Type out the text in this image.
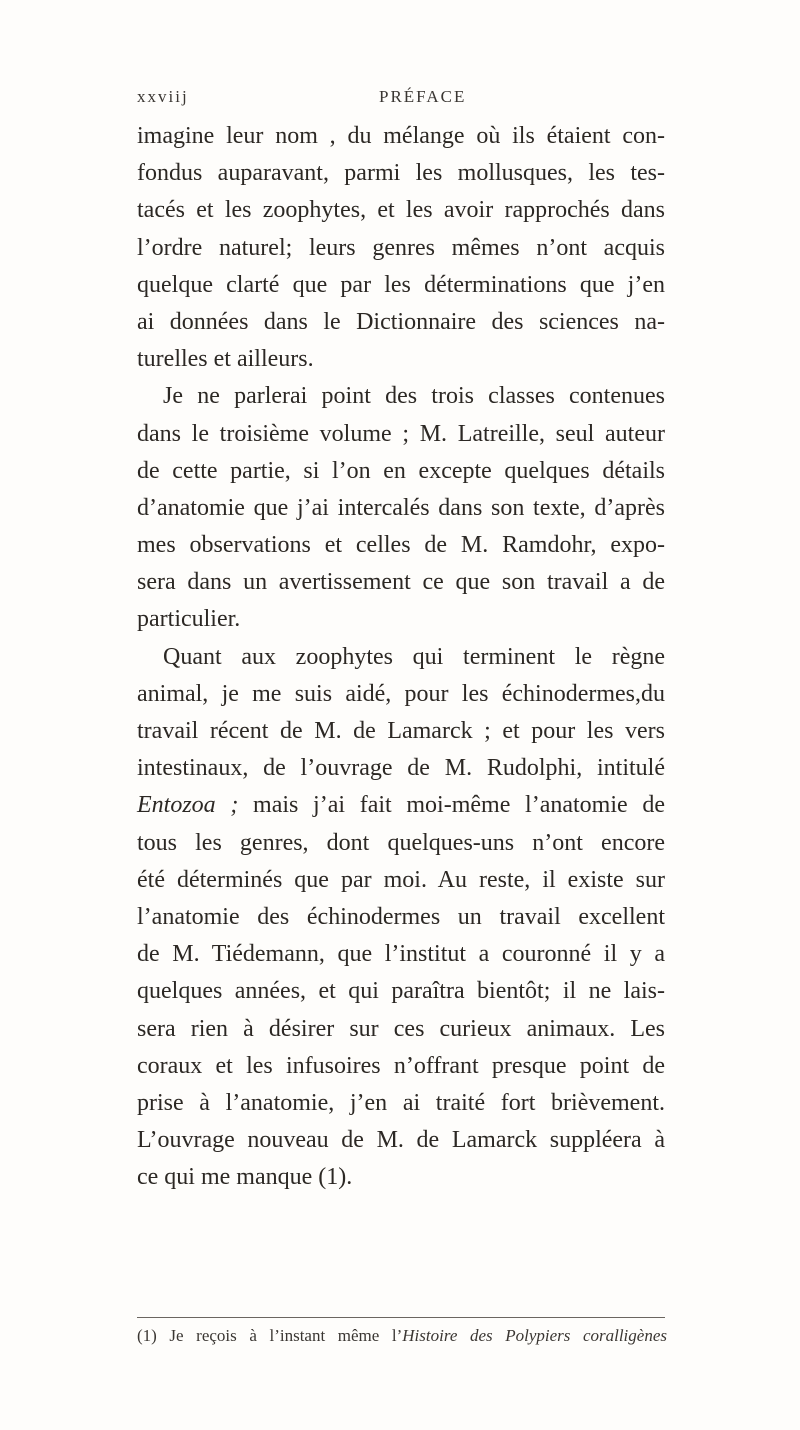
xxviij	PRÉFACE
imagine leur nom , du mélange où ils étaient con-
fondus auparavant, parmi les mollusques, les tes-
tacés et les zoophytes, et les avoir rapprochés dans
l’ordre naturel; leurs genres mêmes n’ont acquis
quelque clarté que par les déterminations que j’en
ai données dans le Dictionnaire des sciences na-
turelles et ailleurs.
Je ne parlerai point des trois classes contenues
dans le troisième volume ; M. Latreille, seul auteur
de cette partie, si l’on en excepte quelques détails
d’anatomie que j’ai intercalés dans son texte, d’après
mes observations et celles de M. Ramdohr, expo-
sera dans un avertissement ce que son travail a de
particulier.
Quant aux zoophytes qui terminent le règne
animal, je me suis aidé, pour les échinodermes,du
travail récent de M. de Lamarck ; et pour les vers
intestinaux, de l’ouvrage de M. Rudolphi, intitulé
Entozoa ; mais j’ai fait moi-même l’anatomie de
tous les genres, dont quelques-uns n’ont encore
été déterminés que par moi. Au reste, il existe sur
l’anatomie des échinodermes un travail excellent
de M. Tiédemann, que l’institut a couronné il y a
quelques années, et qui paraîtra bientôt; il ne lais-
sera rien à désirer sur ces curieux animaux. Les
coraux et les infusoires n’offrant presque point de
prise à l’anatomie, j’en ai traité fort brièvement.
L’ouvrage nouveau de M. de Lamarck suppléera à
ce qui me manque (1).
(1) Je reçois à l’instant même l’Histoire des Polypiers coralligènes
